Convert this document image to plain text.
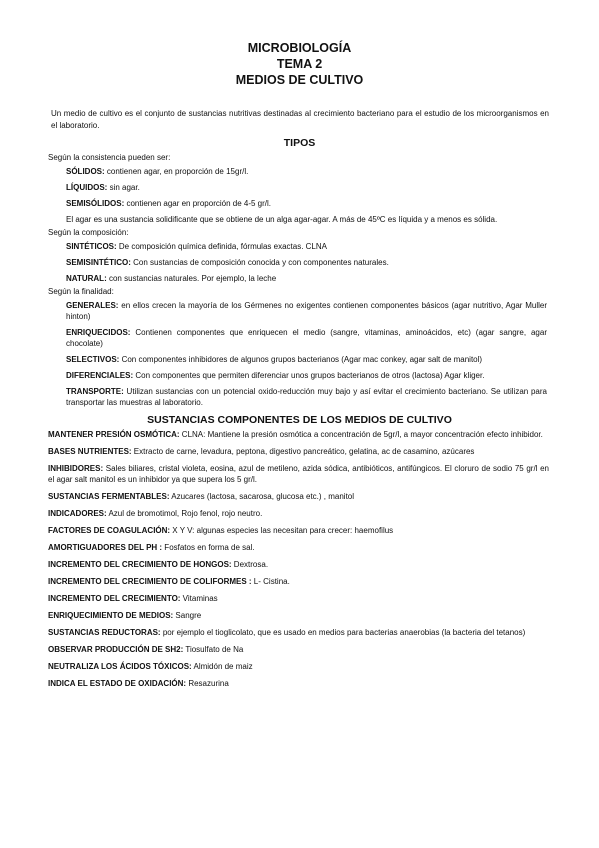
MICROBIOLOGÍA
TEMA 2
MEDIOS DE CULTIVO
Un medio de cultivo es el conjunto de sustancias nutritivas destinadas al crecimiento bacteriano para el estudio de los microorganismos en el laboratorio.
TIPOS
Según la consistencia pueden ser:
SÓLIDOS: contienen agar, en proporción de 15gr/l.
LÍQUIDOS: sin agar.
SEMISÓLIDOS: contienen agar en proporción de 4-5 gr/l.
El agar es una sustancia solidificante que se obtiene de un alga agar-agar. A más de 45ºC es líquida y a menos es sólida.
Según la composición:
SINTÉTICOS: De composición química definida, fórmulas exactas. CLNA
SEMISINTÉTICO: Con sustancias de composición conocida y con componentes naturales.
NATURAL: con sustancias naturales. Por ejemplo, la leche
Según la finalidad:
GENERALES: en ellos crecen la mayoría de los Gérmenes no exigentes contienen componentes básicos (agar nutritivo, Agar Muller hinton)
ENRIQUECIDOS: Contienen componentes que enriquecen el medio (sangre, vitaminas, aminoácidos, etc) (agar sangre, agar chocolate)
SELECTIVOS: Con componentes inhibidores de algunos grupos bacterianos (Agar mac conkey, agar salt de manitol)
DIFERENCIALES: Con componentes que permiten diferenciar unos grupos bacterianos de otros (lactosa) Agar kliger.
TRANSPORTE: Utilizan sustancias con un potencial oxido-reducción muy bajo y así evitar el crecimiento bacteriano. Se utilizan para transportar las muestras al laboratorio.
SUSTANCIAS COMPONENTES DE LOS MEDIOS DE CULTIVO
MANTENER PRESIÓN OSMÓTICA: CLNA: Mantiene la presión osmótica a concentración de 5gr/l, a mayor concentración efecto inhibidor.
BASES NUTRIENTES: Extracto de carne, levadura, peptona, digestivo pancreático, gelatina, ac de casamino, azúcares
INHIBIDORES: Sales biliares, cristal violeta, eosina, azul de metileno, azida sódica, antibióticos, antifúngicos. El cloruro de sodio 75 gr/l en el agar salt manitol es un inhibidor ya que supera los 5 gr/l.
SUSTANCIAS FERMENTABLES: Azucares (lactosa, sacarosa, glucosa etc.) , manitol
INDICADORES: Azul de bromotimol, Rojo fenol, rojo neutro.
FACTORES DE COAGULACIÓN: X Y V: algunas especies las necesitan para crecer: haemofilus
AMORTIGUADORES DEL PH : Fosfatos en forma de sal.
INCREMENTO DEL CRECIMIENTO DE HONGOS: Dextrosa.
INCREMENTO DEL CRECIMIENTO DE COLIFORMES : L- Cistina.
INCREMENTO DEL CRECIMIENTO: Vitaminas
ENRIQUECIMIENTO DE MEDIOS: Sangre
SUSTANCIAS REDUCTORAS: por ejemplo el tioglicolato, que es usado en medios para bacterias anaerobias (la bacteria del tetanos)
OBSERVAR PRODUCCIÓN DE SH2: Tiosulfato de Na
NEUTRALIZA LOS ÁCIDOS TÓXICOS: Almidón de maiz
INDICA EL ESTADO DE OXIDACIÓN: Resazurina
